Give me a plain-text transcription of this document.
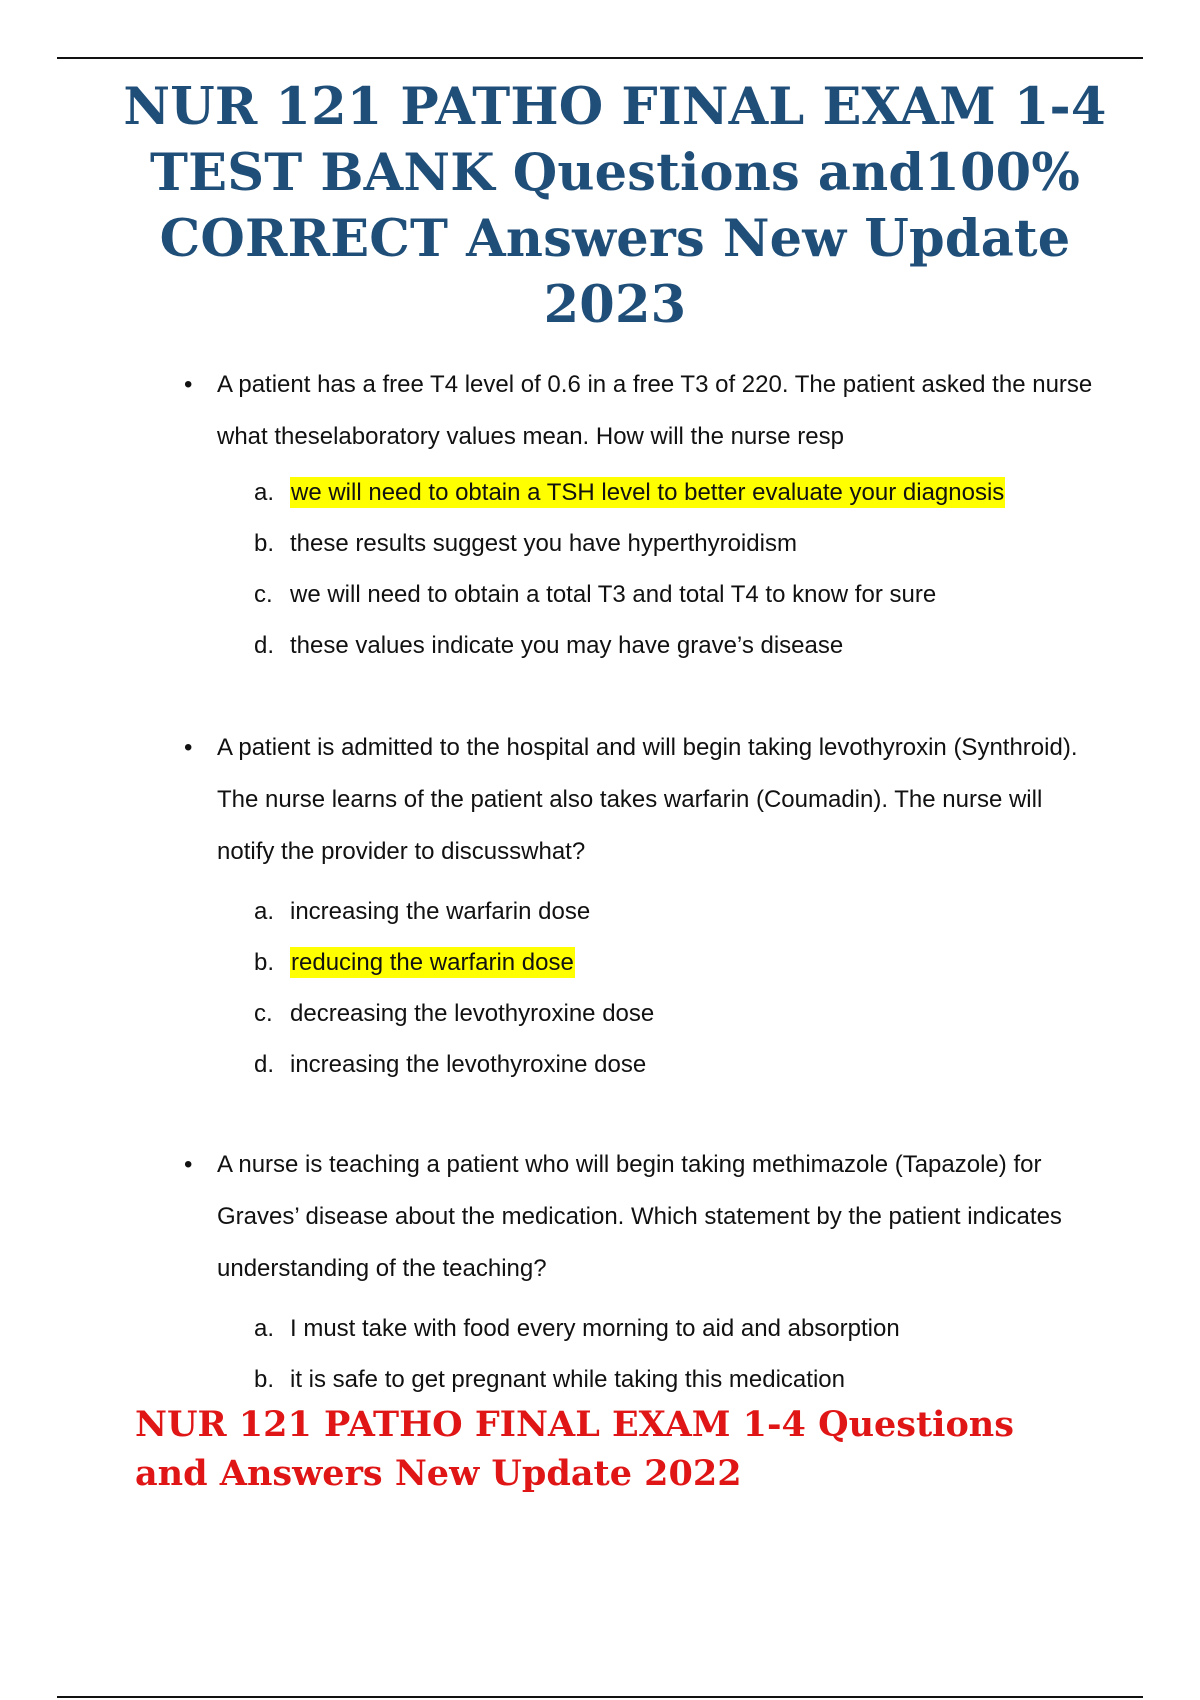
NUR 121 PATHO FINAL EXAM 1-4 TEST BANK Questions and100% CORRECT Answers New Update 2023
• A patient has a free T4 level of 0.6 in a free T3 of 220. The patient asked the nurse what theselaboratory values mean. How will the nurse resp

a. we will need to obtain a TSH level to better evaluate your diagnosis
b. these results suggest you have hyperthyroidism
c. we will need to obtain a total T3 and total T4 to know for sure
d. these values indicate you may have grave’s disease
• A patient is admitted to the hospital and will begin taking levothyroxin (Synthroid). The nurse learns of the patient also takes warfarin (Coumadin). The nurse will notify the provider to discusswhat?

a. increasing the warfarin dose
b. reducing the warfarin dose
c. decreasing the levothyroxine dose
d. increasing the levothyroxine dose
• A nurse is teaching a patient who will begin taking methimazole (Tapazole) for Graves’ disease about the medication. Which statement by the patient indicates understanding of the teaching?

a. I must take with food every morning to aid and absorption
b. it is safe to get pregnant while taking this medication
NUR 121 PATHO FINAL EXAM 1-4 Questions and Answers New Update 2022
